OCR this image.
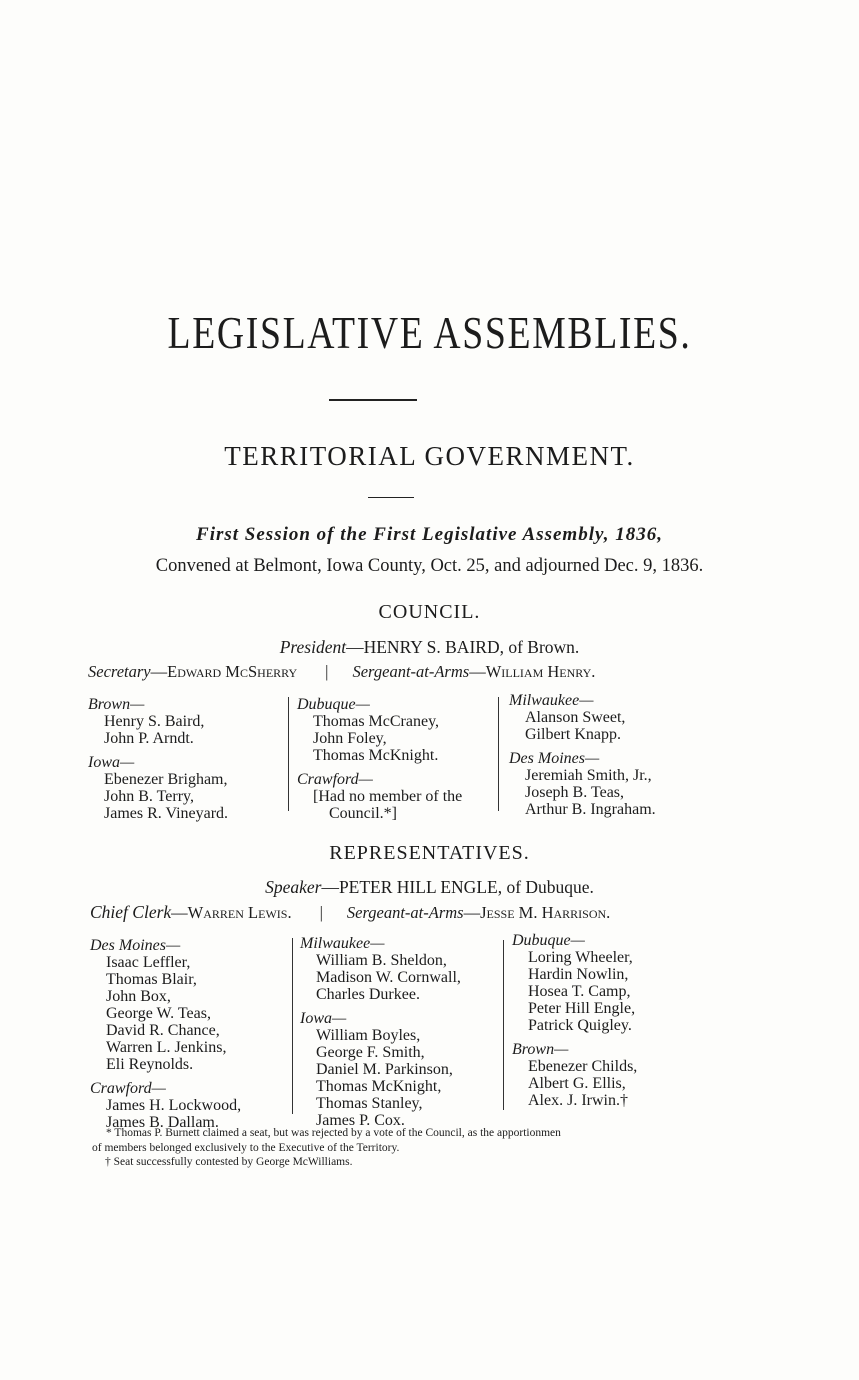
LEGISLATIVE ASSEMBLIES.
TERRITORIAL GOVERNMENT.
First Session of the First Legislative Assembly, 1836,
Convened at Belmont, Iowa County, Oct. 25, and adjourned Dec. 9, 1836.
COUNCIL.
President—HENRY S. BAIRD, of Brown.
Secretary—Edward McSherry | Sergeant-at-Arms—William Henry.
Brown—
Henry S. Baird,
John P. Arndt.
Iowa—
Ebenezer Brigham,
John B. Terry,
James R. Vineyard.
Dubuque—
Thomas McCraney,
John Foley,
Thomas McKnight.
Crawford—
[Had no member of the
Council.*]
Milwaukee—
Alanson Sweet,
Gilbert Knapp.
Des Moines—
Jeremiah Smith, Jr.,
Joseph B. Teas,
Arthur B. Ingraham.
REPRESENTATIVES.
Speaker—PETER HILL ENGLE, of Dubuque.
Chief Clerk—Warren Lewis. | Sergeant-at-Arms—Jesse M. Harrison.
Des Moines—
Isaac Leffler,
Thomas Blair,
John Box,
George W. Teas,
David R. Chance,
Warren L. Jenkins,
Eli Reynolds.
Crawford—
James H. Lockwood,
James B. Dallam.
Milwaukee—
William B. Sheldon,
Madison W. Cornwall,
Charles Durkee.
Iowa—
William Boyles,
George F. Smith,
Daniel M. Parkinson,
Thomas McKnight,
Thomas Stanley,
James P. Cox.
Dubuque—
Loring Wheeler,
Hardin Nowlin,
Hosea T. Camp,
Peter Hill Engle,
Patrick Quigley.
Brown—
Ebenezer Childs,
Albert G. Ellis,
Alex. J. Irwin.†
* Thomas P. Burnett claimed a seat, but was rejected by a vote of the Council, as the apportionmen
of members belonged exclusively to the Executive of the Territory.
† Seat successfully contested by George McWilliams.
